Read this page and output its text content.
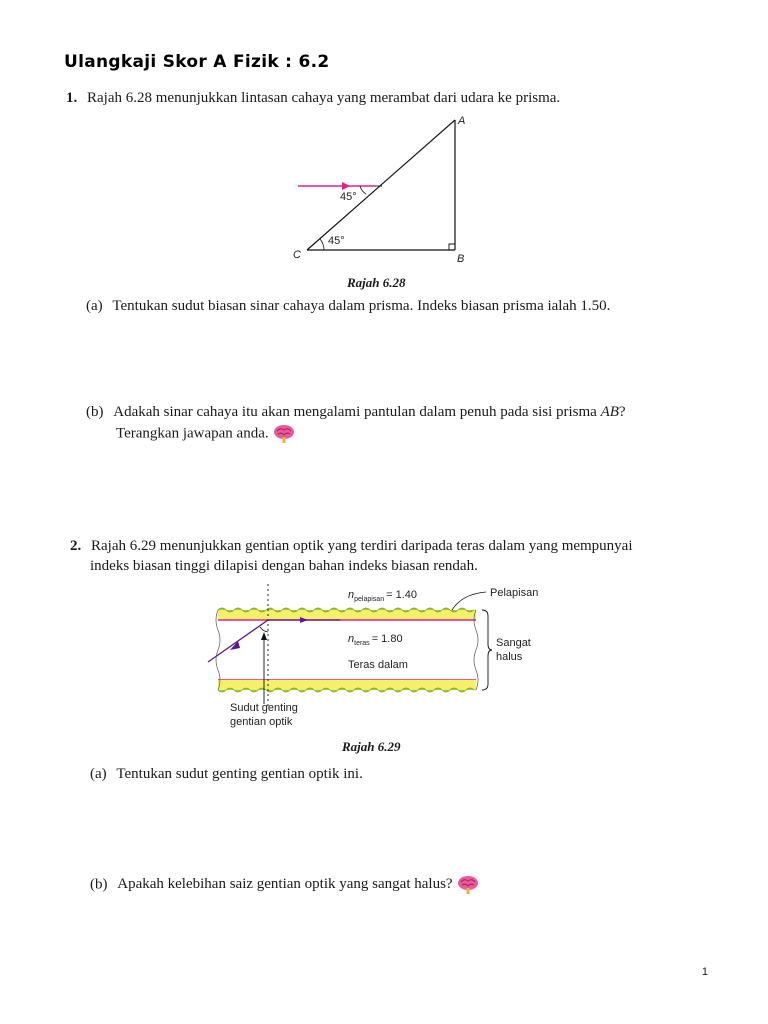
Ulangkaji Skor A Fizik : 6.2
1. Rajah 6.28 menunjukkan lintasan cahaya yang merambat dari udara ke prisma.
45°
45°
A
B
C
Rajah 6.28
(a) Tentukan sudut biasan sinar cahaya dalam prisma. Indeks biasan prisma ialah 1.50.
(b) Adakah sinar cahaya itu akan mengalami pantulan dalam penuh pada sisi prisma AB?
Terangkan jawapan anda.
2. Rajah 6.29 menunjukkan gentian optik yang terdiri daripada teras dalam yang mempunyai
indeks biasan tinggi dilapisi dengan bahan indeks biasan rendah.
$n_{pelapisan} = 1.40$
$n_{teras} = 1.80$
Teras dalam
Pelapisan
Sangat
halus
Sudut genting
gentian optik
Rajah 6.29
(a) Tentukan sudut genting gentian optik ini.
(b) Apakah kelebihan saiz gentian optik yang sangat halus?
1
